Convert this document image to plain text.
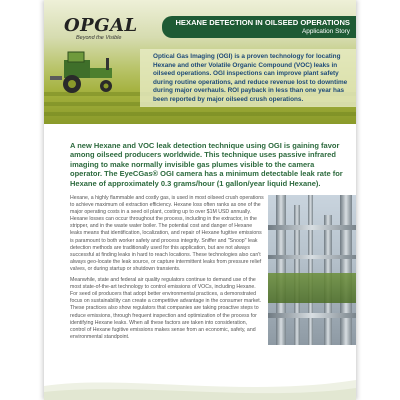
OPGAL
Beyond the Visible
HEXANE DETECTION IN OILSEED OPERATIONS
Application Story
Optical Gas Imaging (OGI) is a proven technology for locating Hexane and other Volatile Organic Compound (VOC) leaks in oilseed operations. OGI inspections can improve plant safety during routine operations, and reduce revenue lost to downtime during major overhauls. ROI payback in less than one year has been reported by major oilseed crush operations.
A new Hexane and VOC leak detection technique using OGI is gaining favor among oilseed producers worldwide. This technique uses passive infrared imaging to make normally invisible gas plumes visible to the camera operator. The EyeCGas® OGI camera has a minimum detectable leak rate for Hexane of approximately 0.3 grams/hour (1 gallon/year liquid Hexane).

Hexane, a highly flammable and costly gas, is used in most oilseed crush operations to achieve maximum oil extraction efficiency. Hexane loss often ranks as one of the major operating costs in a seed oil plant, costing up to over $1M USD annually. Hexane losses can occur throughout the process, including in the extractor, in the stripper, and in the waste water boiler. The potential cost and danger of Hexane leaks means that identification, localization, and repair of Hexane fugitive emissions is paramount to both worker safety and process integrity. Sniffer and "Snoop" leak detection methods are traditionally used for this application, but are not always successful at finding leaks in hard to reach locations. These technologies also can't always geo-locate the leak source, or capture intermittent leaks from pressure relief valves, or during startup or shutdown transients.

Meanwhile, state and federal air quality regulators continue to demand use of the most state-of-the-art technology to control emissions of VOCs, including Hexane. For seed oil producers that adopt better environmental practices, a demonstrated focus on sustainability can create a competitive advantage in the consumer market. These practices also show regulators that companies are taking proactive steps to reduce emissions, through frequent inspection and optimization of the process for identifying Hexane leaks. When all these factors are taken into consideration, control of Hexane fugitive emissions makes sense from an economic, safety, and environmental standpoint.
